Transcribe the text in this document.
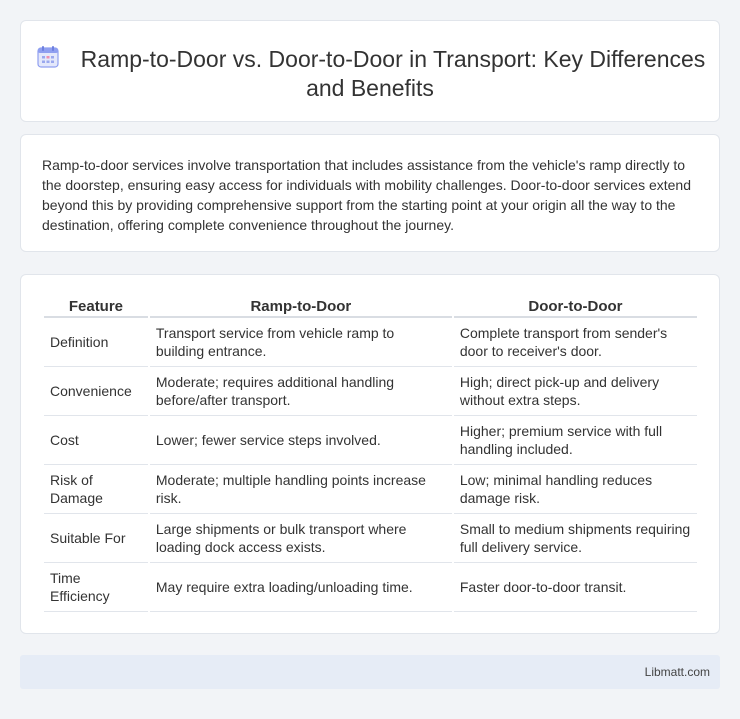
Ramp-to-Door vs. Door-to-Door in Transport: Key Differences and Benefits

Ramp-to-door services involve transportation that includes assistance from the vehicle's ramp directly to the doorstep, ensuring easy access for individuals with mobility challenges. Door-to-door services extend beyond this by providing comprehensive support from the starting point at your origin all the way to the destination, offering complete convenience throughout the journey.

Feature	Ramp-to-Door	Door-to-Door
Definition	Transport service from vehicle ramp to building entrance.	Complete transport from sender's door to receiver's door.
Convenience	Moderate; requires additional handling before/after transport.	High; direct pick-up and delivery without extra steps.
Cost	Lower; fewer service steps involved.	Higher; premium service with full handling included.
Risk of Damage	Moderate; multiple handling points increase risk.	Low; minimal handling reduces damage risk.
Suitable For	Large shipments or bulk transport where loading dock access exists.	Small to medium shipments requiring full delivery service.
Time Efficiency	May require extra loading/unloading time.	Faster door-to-door transit.
Libmatt.com
